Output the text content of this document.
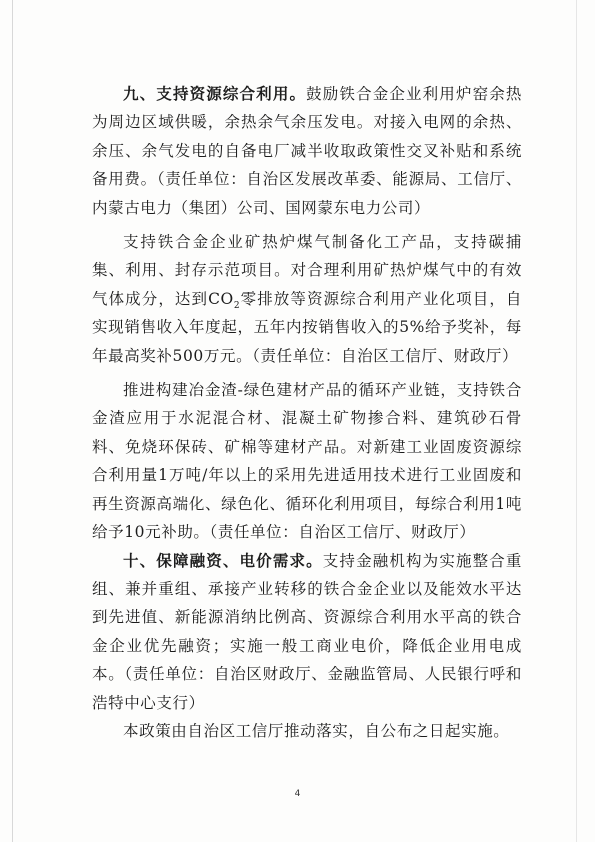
九、支持资源综合利用。鼓励铁合金企业利用炉窑余热为周边区域供暖，余热余气余压发电。对接入电网的余热、余压、余气发电的自备电厂减半收取政策性交叉补贴和系统备用费。（责任单位：自治区发展改革委、能源局、工信厅、内蒙古电力（集团）公司、国网蒙东电力公司）

支持铁合金企业矿热炉煤气制备化工产品，支持碳捕集、利用、封存示范项目。对合理利用矿热炉煤气中的有效气体成分，达到$CO_2$零排放等资源综合利用产业化项目，自实现销售收入年度起，五年内按销售收入的5%给予奖补，每年最高奖补500万元。（责任单位：自治区工信厅、财政厅）

推进构建冶金渣-绿色建材产品的循环产业链，支持铁合金渣应用于水泥混合材、混凝土矿物掺合料、建筑砂石骨料、免烧环保砖、矿棉等建材产品。对新建工业固废资源综合利用量1万吨/年以上的采用先进适用技术进行工业固废和再生资源高端化、绿色化、循环化利用项目，每综合利用1吨给予10元补助。（责任单位：自治区工信厅、财政厅）

十、保障融资、电价需求。支持金融机构为实施整合重组、兼并重组、承接产业转移的铁合金企业以及能效水平达到先进值、新能源消纳比例高、资源综合利用水平高的铁合金企业优先融资；实施一般工商业电价，降低企业用电成本。（责任单位：自治区财政厅、金融监管局、人民银行呼和浩特中心支行）

本政策由自治区工信厅推动落实，自公布之日起实施。

4
